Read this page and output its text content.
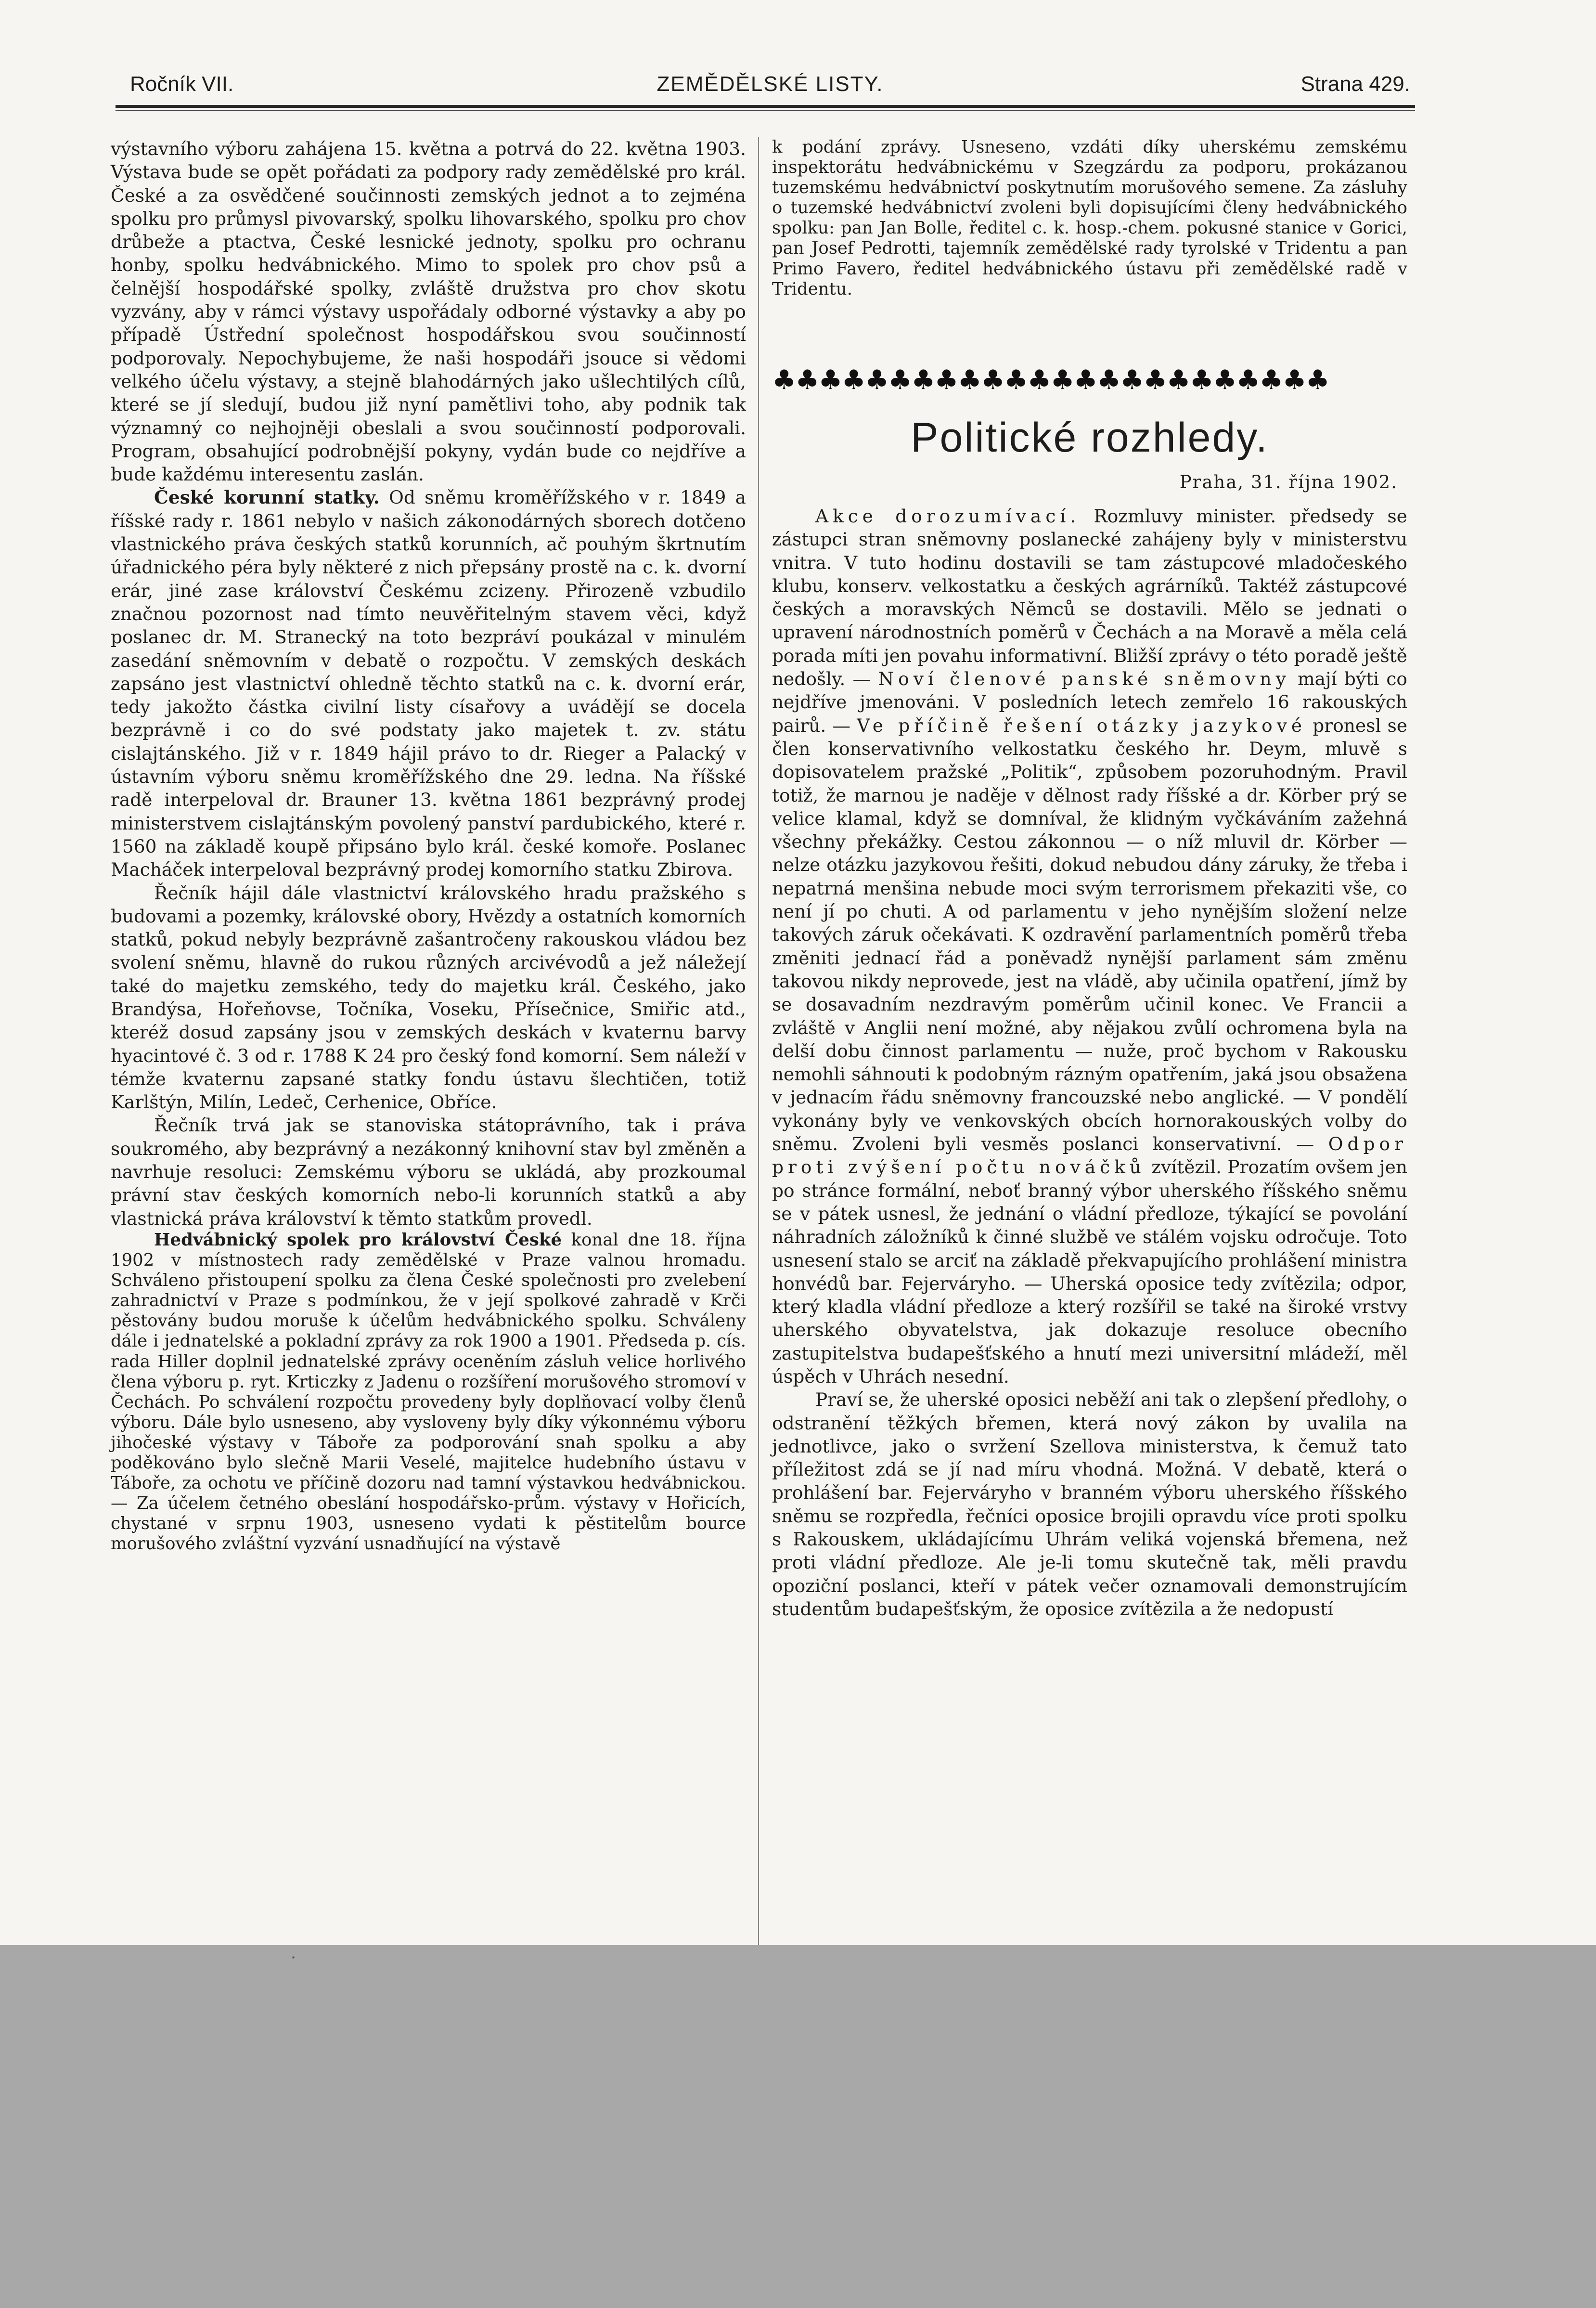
Ročník VII.	ZEMĚDĚLSKÉ LISTY.	Strana 429.

výstavního výboru zahájena 15. května a potrvá do 22. května 1903. Výstava bude se opět pořádati za podpory rady zemědělské pro král. České a za osvědčené součinnosti zemských jednot a to zejména spolku pro průmysl pivovarský, spolku lihovarského, spolku pro chov drůbeže a ptactva, České lesnické jednoty, spolku pro ochranu honby, spolku hedvábnického. Mimo to spolek pro chov psů a čelnější hospodářské spolky, zvláště družstva pro chov skotu vyzvány, aby v rámci výstavy uspořádaly odborné výstavky a aby po případě Ústřední společnost hospodářskou svou součinností podporovaly. Nepochybujeme, že naši hospodáři jsouce si vědomi velkého účelu výstavy, a stejně blahodárných jako ušlechtilých cílů, které se jí sledují, budou již nyní pamětlivi toho, aby podnik tak významný co nejhojněji obeslali a svou součinností podporovali. Program, obsahující podrobnější pokyny, vydán bude co nejdříve a bude každému interesentu zaslán.

České korunní statky. Od sněmu kroměřížského v r. 1849 a říšské rady r. 1861 nebylo v našich zákonodárných sborech dotčeno vlastnického práva českých statků korunních, ač pouhým škrtnutím úřadnického péra byly některé z nich přepsány prostě na c. k. dvorní erár, jiné zase království Českému zcizeny. Přirozeně vzbudilo značnou pozornost nad tímto neuvěřitelným stavem věci, když poslanec dr. M. Stranecký na toto bezpráví poukázal v minulém zasedání sněmovním v debatě o rozpočtu. V zemských deskách zapsáno jest vlastnictví ohledně těchto statků na c. k. dvorní erár, tedy jakožto částka civilní listy císařovy a uvádějí se docela bezprávně i co do své podstaty jako majetek t. zv. státu cislajtánského. Již v r. 1849 hájil právo to dr. Rieger a Palacký v ústavním výboru sněmu kroměřížského dne 29. ledna. Na říšské radě interpeloval dr. Brauner 13. května 1861 bezprávný prodej ministerstvem cislajtánským povolený panství pardubického, které r. 1560 na základě koupě připsáno bylo král. české komoře. Poslanec Macháček interpeloval bezprávný prodej komorního statku Zbirova.

Řečník hájil dále vlastnictví královského hradu pražského s budovami a pozemky, královské obory, Hvězdy a ostatních komorních statků, pokud nebyly bezprávně zašantročeny rakouskou vládou bez svolení sněmu, hlavně do rukou různých arcivévodů a jež náležejí také do majetku zemského, tedy do majetku král. Českého, jako Brandýsa, Hořeňovse, Točníka, Voseku, Přísečnice, Smiřic atd., kteréž dosud zapsány jsou v zemských deskách v kvaternu barvy hyacintové č. 3 od r. 1788 K 24 pro český fond komorní. Sem náleží v témže kvaternu zapsané statky fondu ústavu šlechtičen, totiž Karlštýn, Milín, Ledeč, Cerhenice, Obříce.

Řečník trvá jak se stanoviska státoprávního, tak i práva soukromého, aby bezprávný a nezákonný knihovní stav byl změněn a navrhuje resoluci: Zemskému výboru se ukládá, aby prozkoumal právní stav českých komorních nebo-li korunních statků a aby vlastnická práva království k těmto statkům provedl.

Hedvábnický spolek pro království České konal dne 18. října 1902 v místnostech rady zemědělské v Praze valnou hromadu. Schváleno přistoupení spolku za člena České společnosti pro zvelebení zahradnictví v Praze s podmínkou, že v její spolkové zahradě v Krči pěstovány budou moruše k účelům hedvábnického spolku. Schváleny dále i jednatelské a pokladní zprávy za rok 1900 a 1901. Předseda p. cís. rada Hiller doplnil jednatelské zprávy oceněním zásluh velice horlivého člena výboru p. ryt. Krticzky z Jadenu o rozšíření morušového stromoví v Čechách. Po schválení rozpočtu provedeny byly doplňovací volby členů výboru. Dále bylo usneseno, aby vysloveny byly díky výkonnému výboru jihočeské výstavy v Táboře za podporování snah spolku a aby poděkováno bylo slečně Marii Veselé, majitelce hudebního ústavu v Táboře, za ochotu ve příčině dozoru nad tamní výstavkou hedvábnickou. — Za účelem četného obeslání hospodářsko-prům. výstavy v Hořicích, chystané v srpnu 1903, usneseno vydati k pěstitelům bource morušového zvláštní vyzvání usnadňující na výstavě

k podání zprávy. Usneseno, vzdáti díky uherskému zemskému inspektorátu hedvábnickému v Szegzárdu za podporu, prokázanou tuzemskému hedvábnictví poskytnutím morušového semene. Za zásluhy o tuzemské hedvábnictví zvoleni byli dopisujícími členy hedvábnického spolku: pan Jan Bolle, ředitel c. k. hosp.-chem. pokusné stanice v Gorici, pan Josef Pedrotti, tajemník zemědělské rady tyrolské v Tridentu a pan Primo Favero, ředitel hedvábnického ústavu při zemědělské radě v Tridentu.

♣♣♣♣♣♣♣♣♣♣♣♣♣♣♣♣♣♣♣♣♣♣♣♣
Politické rozhledy.
Praha, 31. října 1902.

Akce dorozumívací. Rozmluvy minister. předsedy se zástupci stran sněmovny poslanecké zahájeny byly v ministerstvu vnitra. V tuto hodinu dostavili se tam zástupcové mladočeského klubu, konserv. velkostatku a českých agrárníků. Taktéž zástupcové českých a moravských Němců se dostavili. Mělo se jednati o upravení národnostních poměrů v Čechách a na Moravě a měla celá porada míti jen povahu informativní. Bližší zprávy o této poradě ještě nedošly. — Noví členové panské sněmovny mají býti co nejdříve jmenováni. V posledních letech zemřelo 16 rakouských pairů. — Ve příčině řešení otázky jazykové pronesl se člen konservativního velkostatku českého hr. Deym, mluvě s dopisovatelem pražské „Politik“, způsobem pozoruhodným. Pravil totiž, že marnou je naděje v dělnost rady říšské a dr. Körber prý se velice klamal, když se domníval, že klidným vyčkáváním zažehná všechny překážky. Cestou zákonnou — o níž mluvil dr. Körber — nelze otázku jazykovou řešiti, dokud nebudou dány záruky, že třeba i nepatrná menšina nebude moci svým terrorismem překaziti vše, co není jí po chuti. A od parlamentu v jeho nynějším složení nelze takových záruk očekávati. K ozdravění parlamentních poměrů třeba změniti jednací řád a poněvadž nynější parlament sám změnu takovou nikdy neprovede, jest na vládě, aby učinila opatření, jímž by se dosavadním nezdravým poměrům učinil konec. Ve Francii a zvláště v Anglii není možné, aby nějakou zvůlí ochromena byla na delší dobu činnost parlamentu — nuže, proč bychom v Rakousku nemohli sáhnouti k podobným rázným opatřením, jaká jsou obsažena v jednacím řádu sněmovny francouzské nebo anglické. — V pondělí vykonány byly ve venkovských obcích hornorakouských volby do sněmu. Zvoleni byli vesměs poslanci konservativní. — Odpor proti zvýšení počtu nováčků zvítězil. Prozatím ovšem jen po stránce formální, neboť branný výbor uherského říšského sněmu se v pátek usnesl, že jednání o vládní předloze, týkající se povolání náhradních záložníků k činné službě ve stálém vojsku odročuje. Toto usnesení stalo se arciť na základě překvapujícího prohlášení ministra honvédů bar. Fejerváryho. — Uherská oposice tedy zvítězila; odpor, který kladla vládní předloze a který rozšířil se také na široké vrstvy uherského obyvatelstva, jak dokazuje resoluce obecního zastupitelstva budapešťského a hnutí mezi universitní mládeží, měl úspěch v Uhrách nesední.

Praví se, že uherské oposici neběží ani tak o zlepšení předlohy, o odstranění těžkých břemen, která nový zákon by uvalila na jednotlivce, jako o svržení Szellova ministerstva, k čemuž tato příležitost zdá se jí nad míru vhodná. Možná. V debatě, která o prohlášení bar. Fejerváryho v branném výboru uherského říšského sněmu se rozpředla, řečníci oposice brojili opravdu více proti spolku s Rakouskem, ukládajícímu Uhrám veliká vojenská břemena, než proti vládní předloze. Ale je-li tomu skutečně tak, měli pravdu opoziční poslanci, kteří v pátek večer oznamovali demonstrujícím studentům budapešťským, že oposice zvítězila a že nedopustí

˙
